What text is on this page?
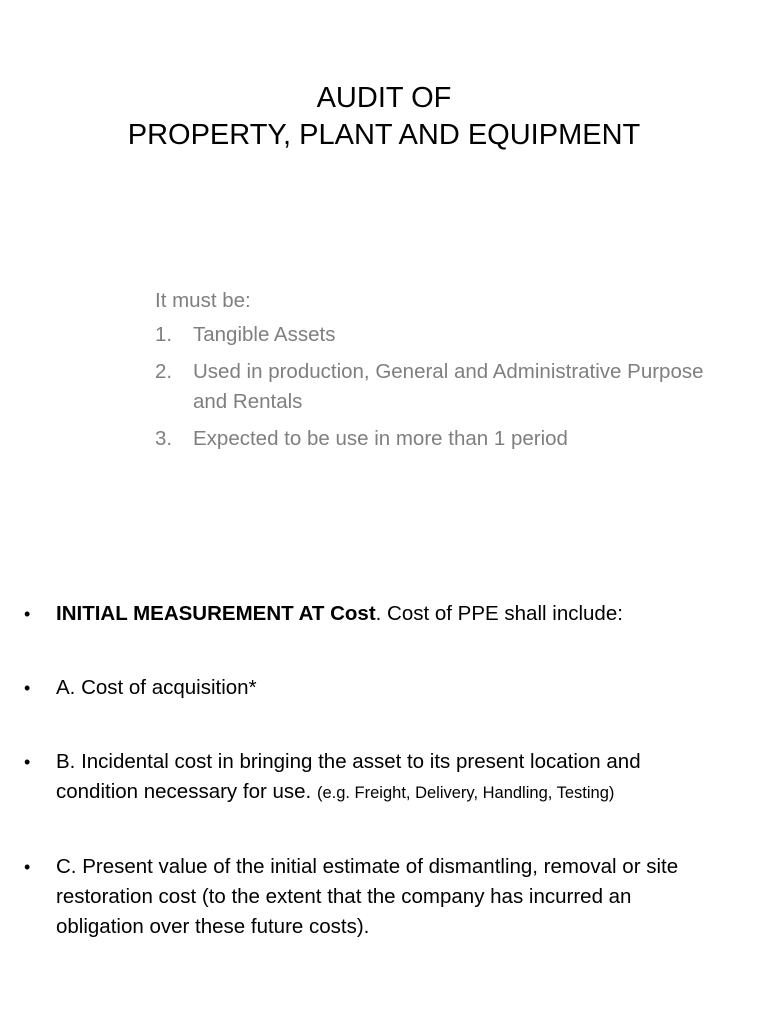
AUDIT OF
PROPERTY, PLANT AND EQUIPMENT
It must be:
1.	Tangible Assets
2.	Used in production, General and Administrative Purpose and Rentals
3.	Expected to be use in more than 1 period
•	INITIAL MEASUREMENT AT Cost. Cost of PPE shall include:
•	A. Cost of acquisition*
•	B. Incidental cost in bringing the asset to its present location and condition necessary for use. (e.g. Freight, Delivery, Handling, Testing)
•	C. Present value of the initial estimate of dismantling, removal or site restoration cost (to the extent that the company has incurred an obligation over these future costs).
